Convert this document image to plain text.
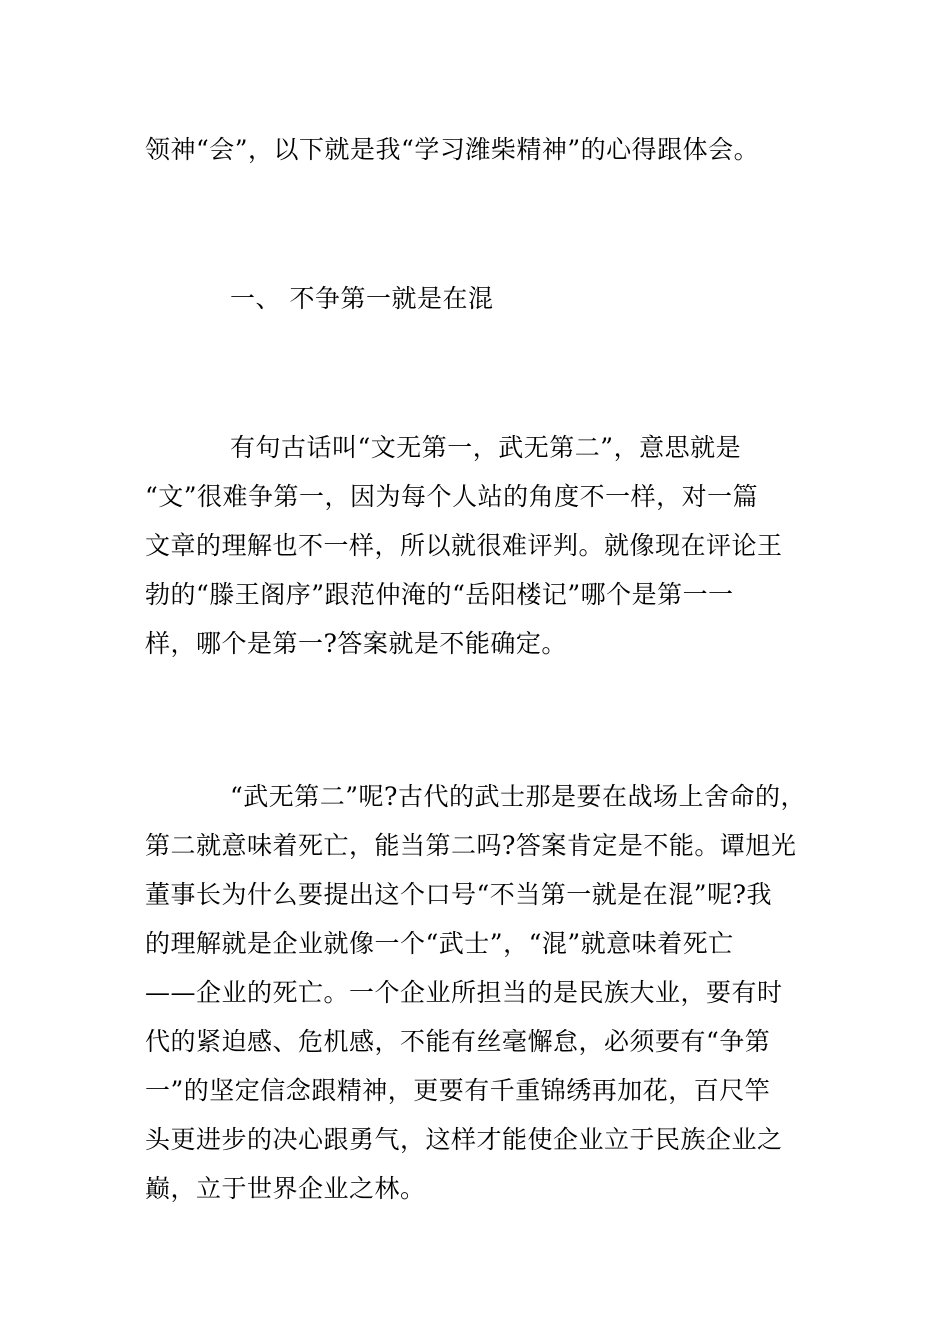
领神“会”，以下就是我“学习潍柴精神”的心得跟体会。

一、 不争第一就是在混

有句古话叫“文无第一，武无第二”，意思就是

“文”很难争第一，因为每个人站的角度不一样，对一篇

文章的理解也不一样，所以就很难评判。就像现在评论王

勃的“滕王阁序”跟范仲淹的“岳阳楼记”哪个是第一一

样，哪个是第一?答案就是不能确定。

“武无第二”呢?古代的武士那是要在战场上舍命的，

第二就意味着死亡，能当第二吗?答案肯定是不能。谭旭光

董事长为什么要提出这个口号“不当第一就是在混”呢?我

的理解就是企业就像一个“武士”，“混”就意味着死亡

——企业的死亡。一个企业所担当的是民族大业，要有时

代的紧迫感、危机感，不能有丝毫懈怠，必须要有“争第

一”的坚定信念跟精神，更要有千重锦绣再加花，百尺竿

头更进步的决心跟勇气，这样才能使企业立于民族企业之

巅，立于世界企业之林。
